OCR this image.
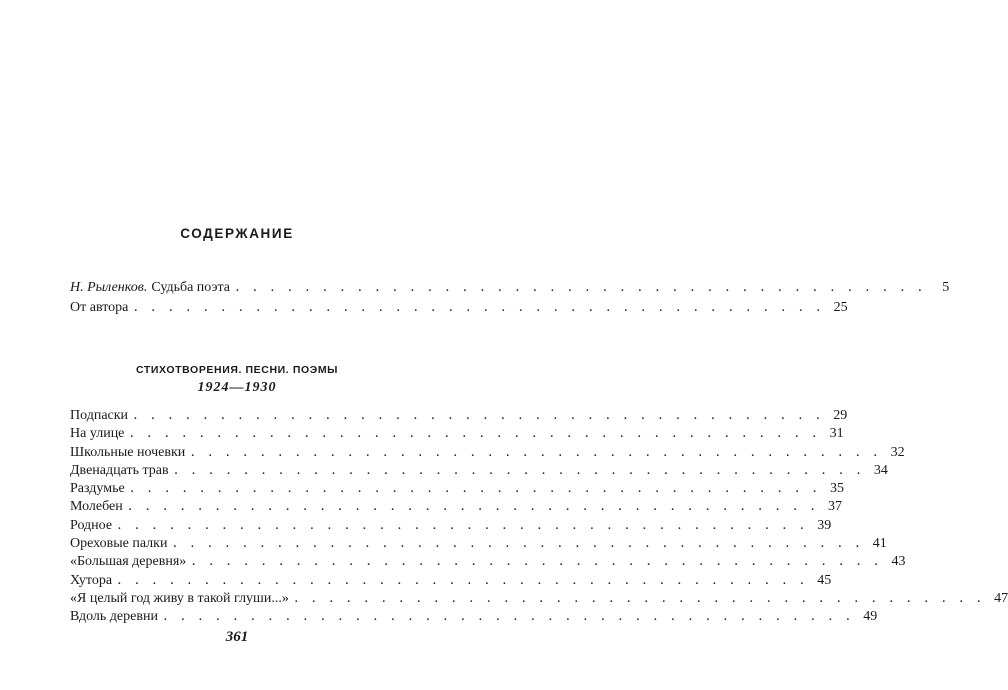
СОДЕРЖАНИЕ
Н. Рыленков. Судьба поэта . . . . . . . . . . . . . . . . . . . . . . . . . . . . . . . . . . . . . . . .	5
От автора . . . . . . . . . . . . . . . . . . . . . . . . . . . . . . . . . . . . . . . . 25
СТИХОТВОРЕНИЯ. ПЕСНИ. ПОЭМЫ
1924—1930
Подпаски . . . . . . . . . . . . . . . . . . . . . . . . . . . . . . . . . . . . . . . . 29
На улице . . . . . . . . . . . . . . . . . . . . . . . . . . . . . . . . . . . . . . . . 31
Школьные ночевки . . . . . . . . . . . . . . . . . . . . . . . . . . . . . . . . . . . . . . . . 32
Двенадцать трав . . . . . . . . . . . . . . . . . . . . . . . . . . . . . . . . . . . . . . . . 34
Раздумье . . . . . . . . . . . . . . . . . . . . . . . . . . . . . . . . . . . . . . . . 35
Молебен . . . . . . . . . . . . . . . . . . . . . . . . . . . . . . . . . . . . . . . . 37
Родное . . . . . . . . . . . . . . . . . . . . . . . . . . . . . . . . . . . . . . . . 39
Ореховые палки . . . . . . . . . . . . . . . . . . . . . . . . . . . . . . . . . . . . . . . . 41
«Большая деревня» . . . . . . . . . . . . . . . . . . . . . . . . . . . . . . . . . . . . . . . . 43
Хутора . . . . . . . . . . . . . . . . . . . . . . . . . . . . . . . . . . . . . . . . 45
«Я целый год живу в такой глуши...» . . . . . . . . . . . . . . . . . . . . . . . . . . . . . . . . . . . . . . . . 47
Вдоль деревни . . . . . . . . . . . . . . . . . . . . . . . . . . . . . . . . . . . . . . . . 49
361
